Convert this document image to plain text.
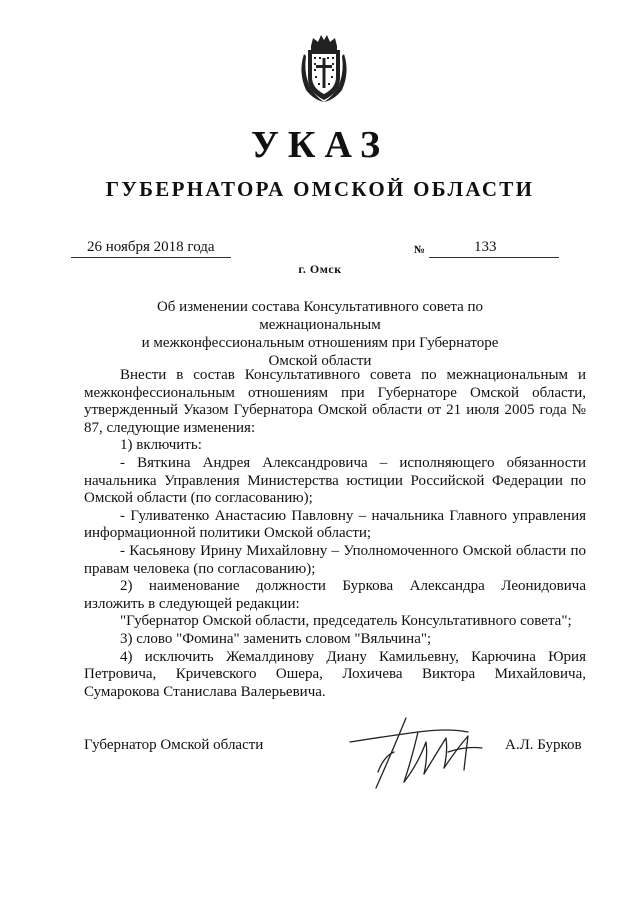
УКАЗ
ГУБЕРНАТОРА ОМСКОЙ ОБЛАСТИ
26 ноября 2018 года	№	133
г. Омск
Об изменении состава Консультативного совета по межнациональным
и межконфессиональным отношениям при Губернаторе
Омской области

Внести в состав Консультативного совета по межнациональным и межконфессиональным отношениям при Губернаторе Омской области, утвержденный Указом Губернатора Омской области от 21 июля 2005 года № 87, следующие изменения:

1) включить:

- Вяткина Андрея Александровича – исполняющего обязанности начальника Управления Министерства юстиции Российской Федерации по Омской области (по согласованию);

- Гуливатенко Анастасию Павловну – начальника Главного управления информационной политики Омской области;

- Касьянову Ирину Михайловну – Уполномоченного Омской области по правам человека (по согласованию);

2) наименование должности Буркова Александра Леонидовича изложить в следующей редакции:

"Губернатор Омской области, председатель Консультативного совета";

3) слово "Фомина" заменить словом "Вяльчина";

4) исключить Жемалдинову Диану Камильевну, Карючина Юрия Петровича, Кричевского Ошера, Лохичева Виктора Михайловича, Сумарокова Станислава Валерьевича.

Губернатор Омской области	А.Л. Бурков
